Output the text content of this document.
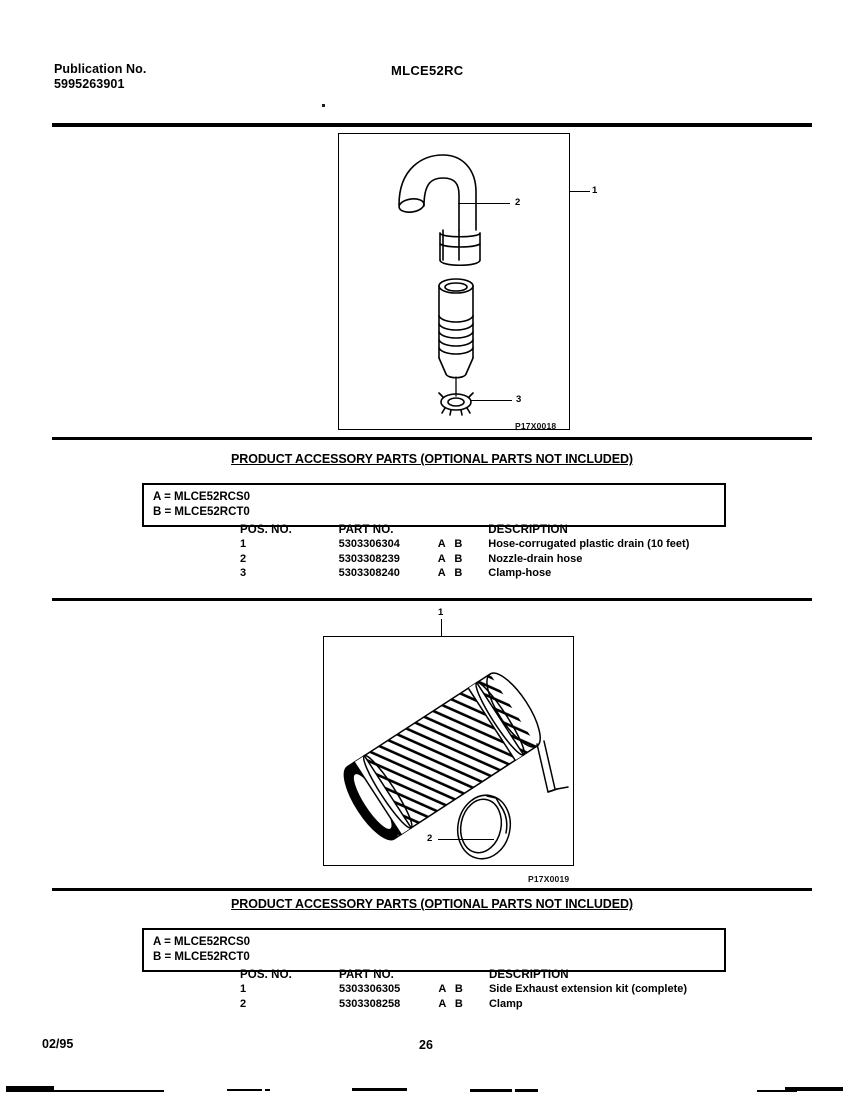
Publication No.
5995263901
MLCE52RC
1
2
3
P17X0018
PRODUCT ACCESSORY PARTS (OPTIONAL PARTS NOT INCLUDED)
A = MLCE52RCS0
B = MLCE52RCT0
POS. NO.	PART NO.		DESCRIPTION
1	5303306304	A B	Hose-corrugated plastic drain (10 feet)
2	5303308239	A B	Nozzle-drain hose
3	5303308240	A B	Clamp-hose
1
2
P17X0019
PRODUCT ACCESSORY PARTS (OPTIONAL PARTS NOT INCLUDED)
A = MLCE52RCS0
B = MLCE52RCT0
POS. NO.	PART NO.		DESCRIPTION
1	5303306305	A B	Side Exhaust extension kit (complete)
2	5303308258	A B	Clamp
02/95	26
